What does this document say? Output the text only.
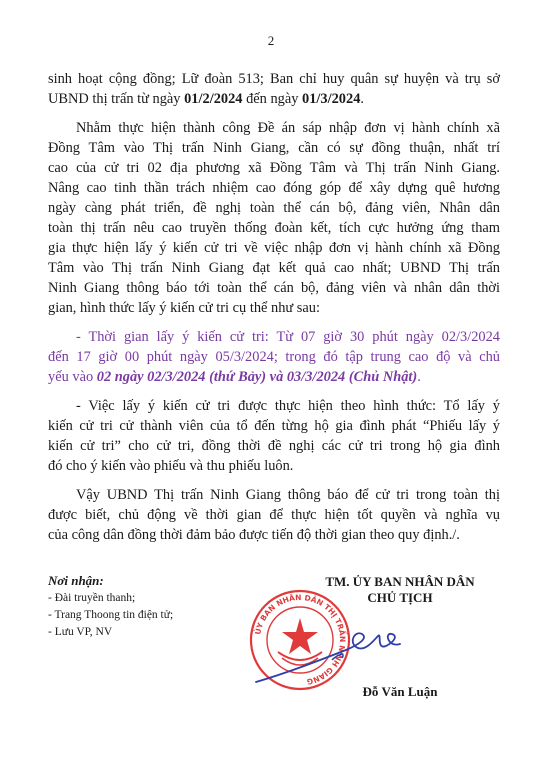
2
sinh hoạt cộng đồng; Lữ đoàn 513; Ban chỉ huy quân sự huyện và trụ sở
UBND thị trấn từ ngày 01/2/2024 đến ngày 01/3/2024.
Nhằm thực hiện thành công Đề án sáp nhập đơn vị hành chính xã
Đồng Tâm vào Thị trấn Ninh Giang, cần có sự đồng thuận, nhất trí
cao của cử tri 02 địa phương xã Đồng Tâm và Thị trấn Ninh Giang.
Nâng cao tinh thần trách nhiệm cao đóng góp để xây dựng quê hương
ngày càng phát triển, đề nghị toàn thể cán bộ, đảng viên, Nhân dân
toàn thị trấn nêu cao truyền thống đoàn kết, tích cực hưởng ứng tham
gia thực hiện lấy ý kiến cử tri về việc nhập đơn vị hành chính xã Đồng
Tâm vào Thị trấn Ninh Giang đạt kết quả cao nhất; UBND Thị trấn
Ninh Giang thông báo tới toàn thể cán bộ, đảng viên và nhân dân thời
gian, hình thức lấy ý kiến cử tri cụ thể như sau:
- Thời gian lấy ý kiến cử tri: Từ 07 giờ 30 phút ngày 02/3/2024
đến 17 giờ 00 phút ngày 05/3/2024; trong đó tập trung cao độ và chủ
yếu vào 02 ngày 02/3/2024 (thứ Bảy) và 03/3/2024 (Chủ Nhật).
- Việc lấy ý kiến cử tri được thực hiện theo hình thức: Tổ lấy ý
kiến cử tri cử thành viên của tổ đến từng hộ gia đình phát “Phiếu lấy ý
kiến cử tri” cho cử tri, đồng thời đề nghị các cử tri trong hộ gia đình
đó cho ý kiến vào phiếu và thu phiếu luôn.
Vậy UBND Thị trấn Ninh Giang thông báo để cử tri trong toàn thị
được biết, chủ động về thời gian để thực hiện tốt quyền và nghĩa vụ
của công dân đồng thời đảm bảo được tiến độ thời gian theo quy định./.
Nơi nhận:
- Đài truyền thanh;
- Trang Thoong tin điện tử;
- Lưu VP, NV
TM. ỦY BAN NHÂN DÂN
CHỦ TỊCH
ỦY BAN NHÂN DÂN THỊ TRẤN NINH GIANG
Đỗ Văn Luận
